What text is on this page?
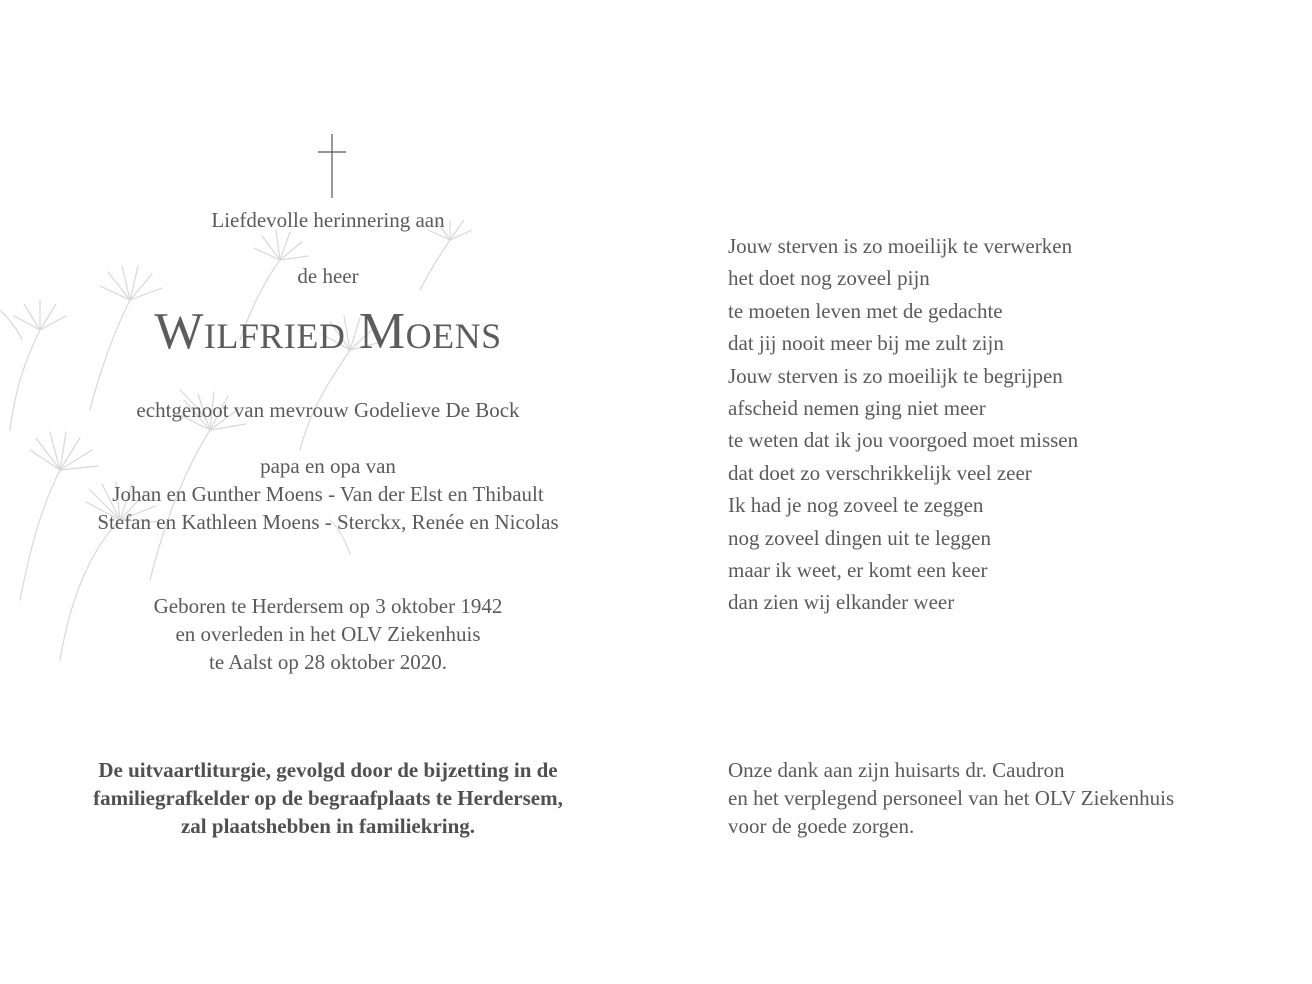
Liefdevolle herinnering aan
de heer
Wilfried Moens
echtgenoot van mevrouw Godelieve De Bock
papa en opa van
Johan en Gunther Moens - Van der Elst en Thibault
Stefan en Kathleen Moens - Sterckx, Renée en Nicolas
Geboren te Herdersem op 3 oktober 1942
en overleden in het OLV Ziekenhuis
te Aalst op 28 oktober 2020.
De uitvaartliturgie, gevolgd door de bijzetting in de
familiegrafkelder op de begraafplaats te Herdersem,
zal plaatshebben in familiekring.
Jouw sterven is zo moeilijk te verwerken
het doet nog zoveel pijn
te moeten leven met de gedachte
dat jij nooit meer bij me zult zijn
Jouw sterven is zo moeilijk te begrijpen
afscheid nemen ging niet meer
te weten dat ik jou voorgoed moet missen
dat doet zo verschrikkelijk veel zeer
Ik had je nog zoveel te zeggen
nog zoveel dingen uit te leggen
maar ik weet, er komt een keer
dan zien wij elkander weer
Onze dank aan zijn huisarts dr. Caudron
en het verplegend personeel van het OLV Ziekenhuis
voor de goede zorgen.
